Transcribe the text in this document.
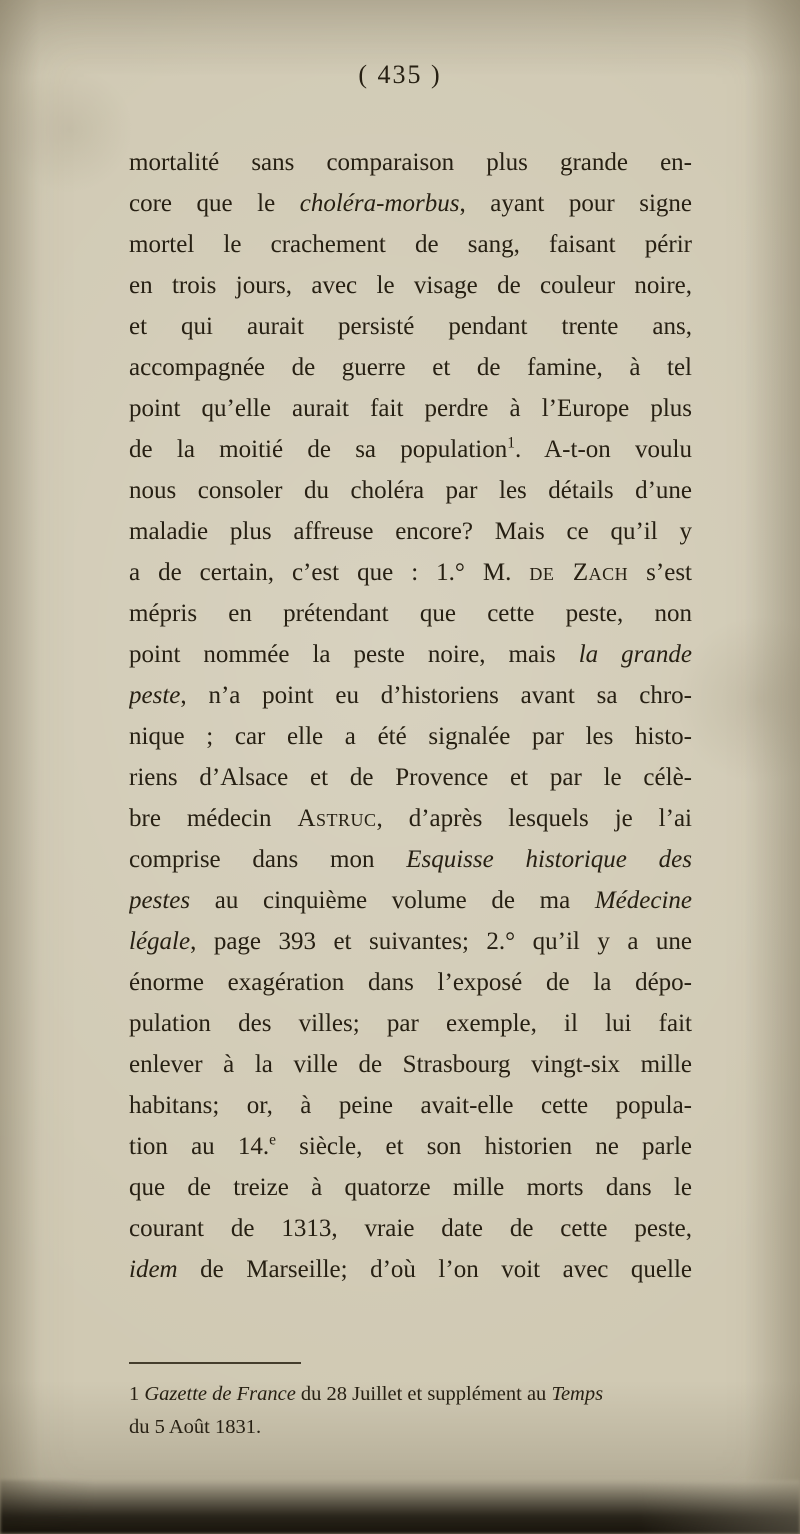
( 435 )
mortalité sans comparaison plus grande en-
core que le choléra-morbus, ayant pour signe
mortel le crachement de sang, faisant périr
en trois jours, avec le visage de couleur noire,
et qui aurait persisté pendant trente ans,
accompagnée de guerre et de famine, à tel
point qu’elle aurait fait perdre à l’Europe plus
de la moitié de sa population$^1$. A-t-on voulu
nous consoler du choléra par les détails d’une
maladie plus affreuse encore? Mais ce qu’il y
a de certain, c’est que : 1.° M. de Zach s’est
mépris en prétendant que cette peste, non
point nommée la peste noire, mais la grande
peste, n’a point eu d’historiens avant sa chro-
nique ; car elle a été signalée par les histo-
riens d’Alsace et de Provence et par le célè-
bre médecin Astruc, d’après lesquels je l’ai
comprise dans mon Esquisse historique des
pestes au cinquième volume de ma Médecine
légale, page 393 et suivantes; 2.° qu’il y a une
énorme exagération dans l’exposé de la dépo-
pulation des villes; par exemple, il lui fait
enlever à la ville de Strasbourg vingt-six mille
habitans; or, à peine avait-elle cette popula-
tion au 14.$^e$ siècle, et son historien ne parle
que de treize à quatorze mille morts dans le
courant de 1313, vraie date de cette peste,
idem de Marseille; d’où l’on voit avec quelle
1 Gazette de France du 28 Juillet et supplément au Temps
du 5 Août 1831.
